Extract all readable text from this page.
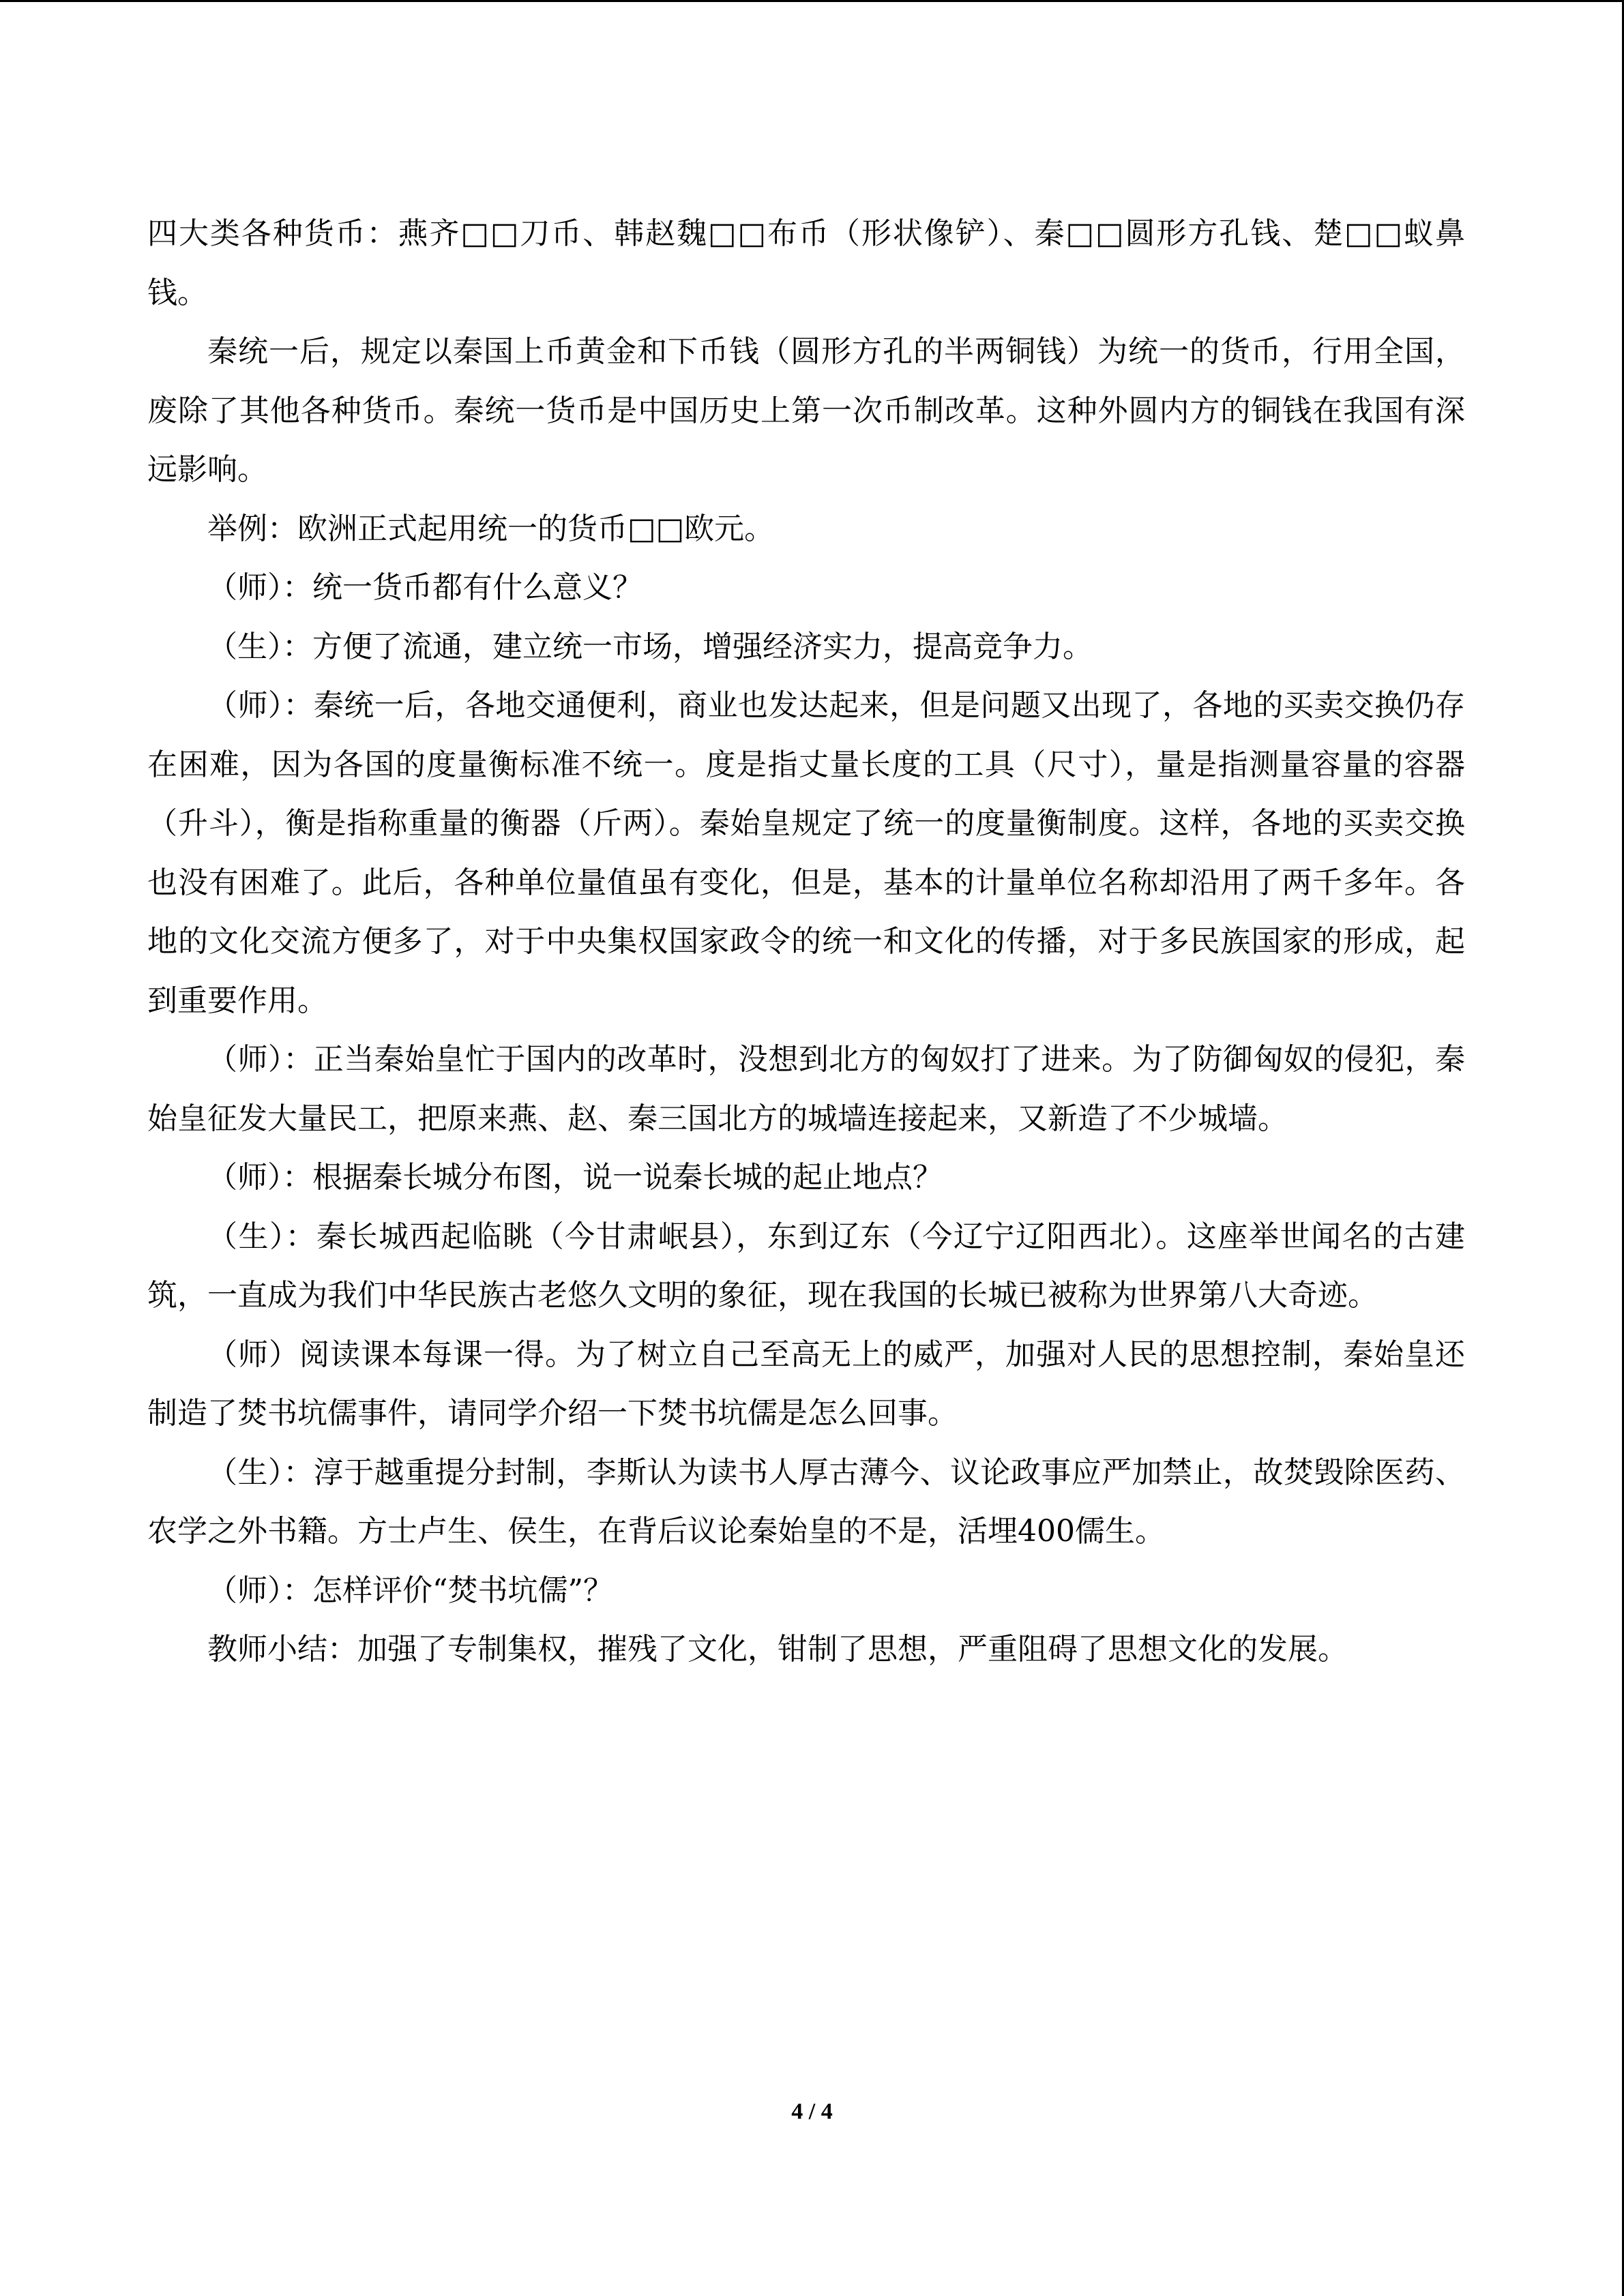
四大类各种货币：燕齐□□刀币、韩赵魏□□布币（形状像铲）、秦□□圆形方孔钱、楚□□蚁鼻钱。

秦统一后，规定以秦国上币黄金和下币钱（圆形方孔的半两铜钱）为统一的货币，行用全国，废除了其他各种货币。秦统一货币是中国历史上第一次币制改革。这种外圆内方的铜钱在我国有深远影响。

举例：欧洲正式起用统一的货币□□欧元。

（师）：统一货币都有什么意义？

（生）：方便了流通，建立统一市场，增强经济实力，提高竞争力。

（师）：秦统一后，各地交通便利，商业也发达起来，但是问题又出现了，各地的买卖交换仍存在困难，因为各国的度量衡标准不统一。度是指丈量长度的工具（尺寸），量是指测量容量的容器（升斗），衡是指称重量的衡器（斤两）。秦始皇规定了统一的度量衡制度。这样，各地的买卖交换也没有困难了。此后，各种单位量值虽有变化，但是，基本的计量单位名称却沿用了两千多年。各地的文化交流方便多了，对于中央集权国家政令的统一和文化的传播，对于多民族国家的形成，起到重要作用。

（师）：正当秦始皇忙于国内的改革时，没想到北方的匈奴打了进来。为了防御匈奴的侵犯，秦始皇征发大量民工，把原来燕、赵、秦三国北方的城墙连接起来，又新造了不少城墙。

（师）：根据秦长城分布图，说一说秦长城的起止地点？

（生）：秦长城西起临眺（今甘肃岷县），东到辽东（今辽宁辽阳西北）。这座举世闻名的古建筑，一直成为我们中华民族古老悠久文明的象征，现在我国的长城已被称为世界第八大奇迹。

（师）阅读课本每课一得。为了树立自己至高无上的威严，加强对人民的思想控制，秦始皇还制造了焚书坑儒事件，请同学介绍一下焚书坑儒是怎么回事。

（生）：淳于越重提分封制，李斯认为读书人厚古薄今、议论政事应严加禁止，故焚毁除医药、农学之外书籍。方士卢生、侯生，在背后议论秦始皇的不是，活埋400儒生。

（师）：怎样评价“焚书坑儒”？

教师小结：加强了专制集权，摧残了文化，钳制了思想，严重阻碍了思想文化的发展。

4 / 4
